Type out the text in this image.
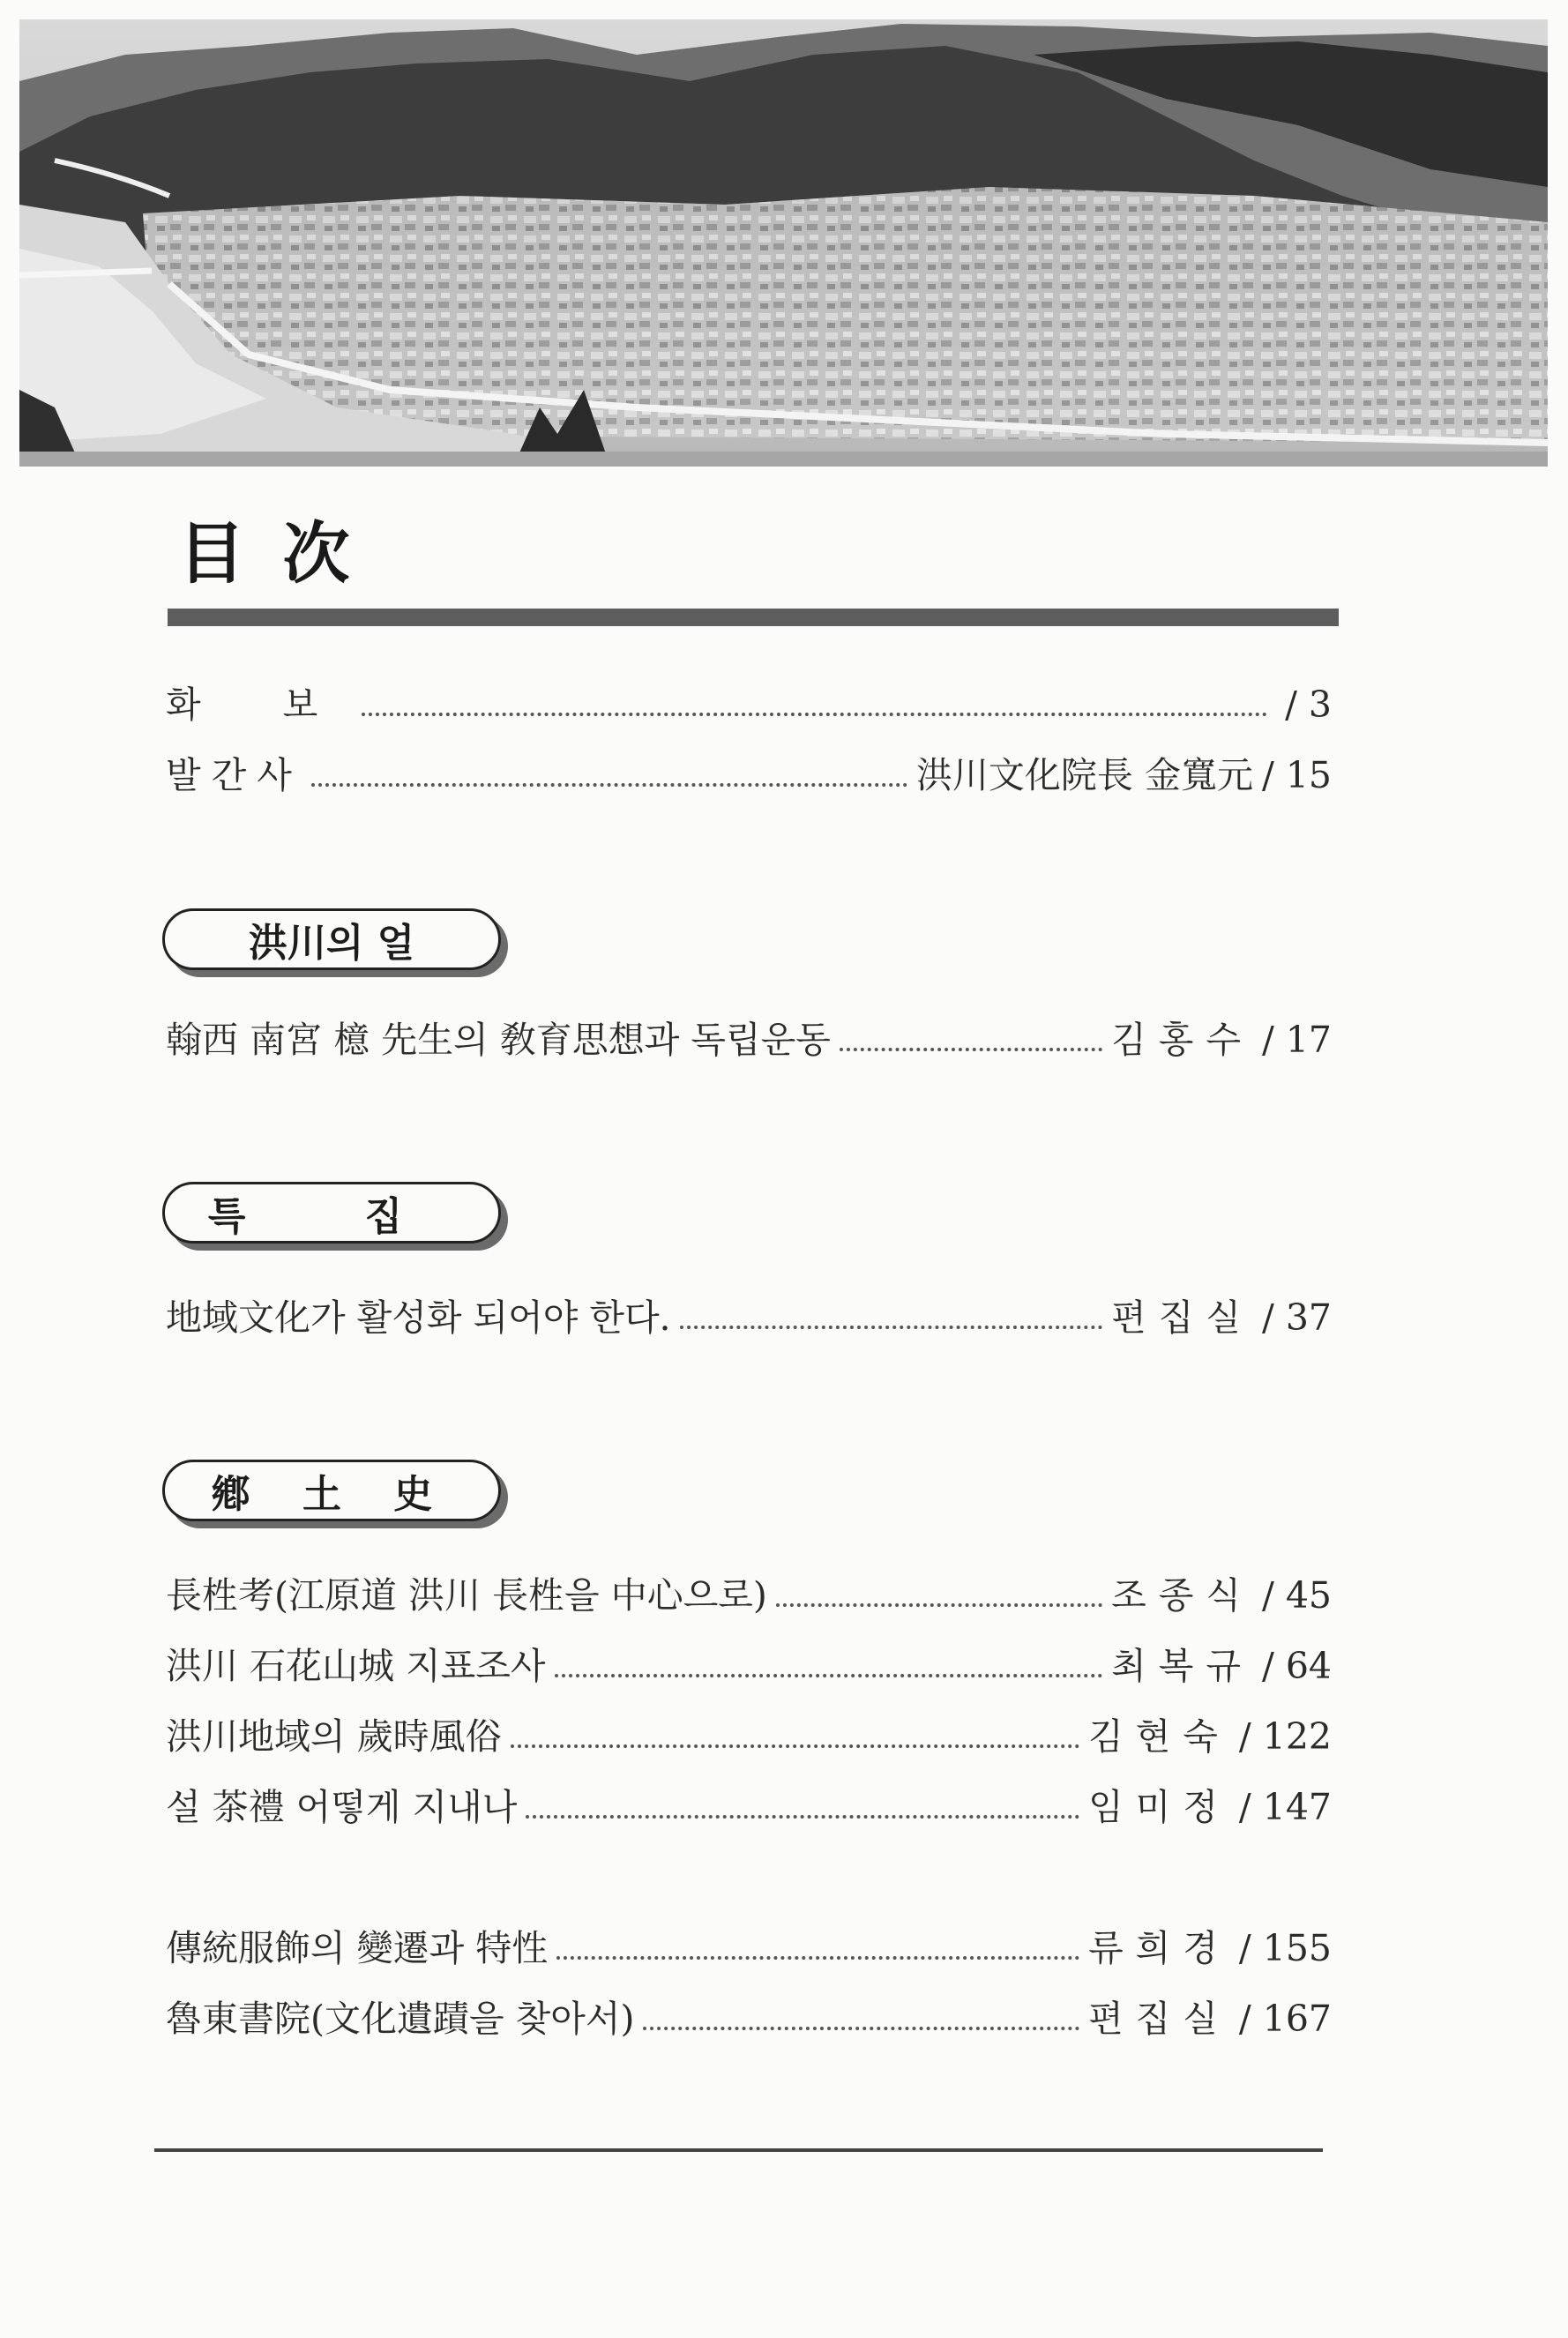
目 次
화 보	/ 3
발간사	洪川文化院長 金寬元 / 15
洪川의 얼
翰西 南宮 檍 先生의 敎育思想과 독립운동	김홍수 / 17
특 집
地域文化가 활성화 되어야 한다.	편집실 / 37
鄕 土 史
長栍考(江原道 洪川 長栍을 中心으로)	조종식 / 45
洪川 石花山城 지표조사	최복규 / 64
洪川地域의 歲時風俗	김현숙 / 122
설 茶禮 어떻게 지내나	임미정 / 147
傳統服飾의 變遷과 特性	류희경 / 155
魯東書院(文化遺蹟을 찾아서)	편집실 / 167
